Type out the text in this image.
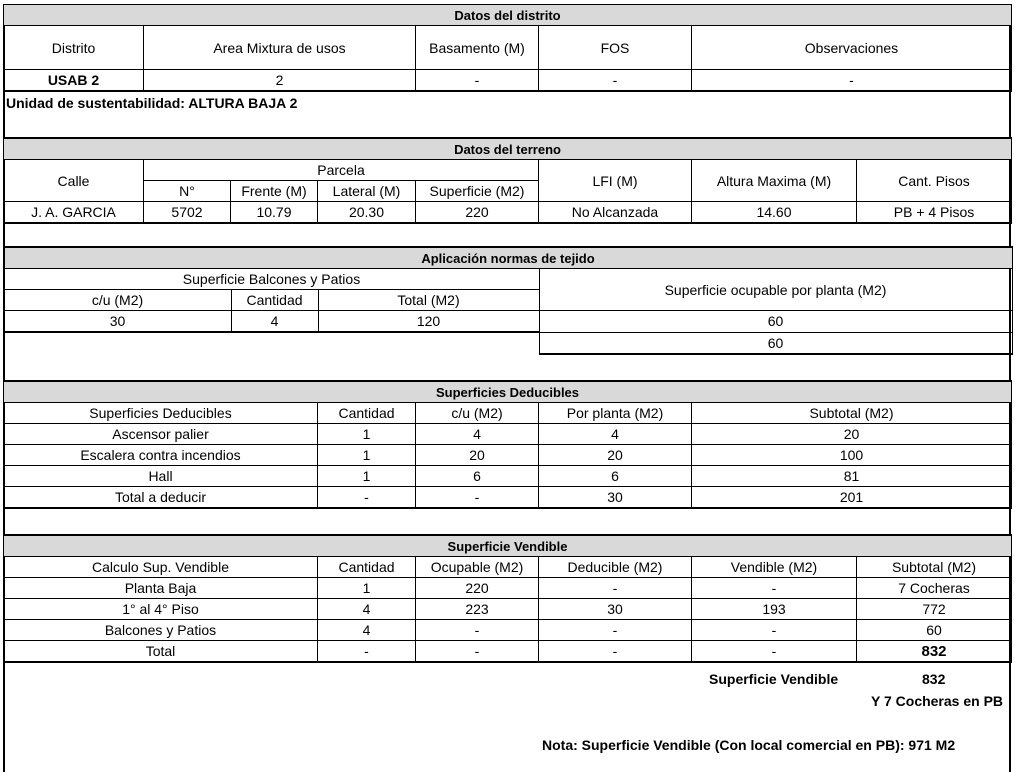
Datos del distrito				
Distrito	Area Mixtura de usos	Basamento (M)	FOS	Observaciones
USAB 2	2	-	-	-
Unidad de sustentabilidad: ALTURA BAJA 2
Datos del terreno							
Calle	Parcela				LFI (M)	Altura Maxima (M)	Cant. Pisos
	N°	Frente (M)	Lateral (M)	Superficie (M2)			
J. A. GARCIA	5702	10.79	20.30	220	No Alcanzada	14.60	PB + 4 Pisos
Aplicación normas de tejido			
Superficie Balcones y Patios			Superficie ocupable por planta (M2)
c/u (M2)	Cantidad	Total (M2)	
30	4	120	60
			60
Superficies Deducibles				
Superficies Deducibles	Cantidad	c/u (M2)	Por planta (M2)	Subtotal (M2)
Ascensor palier	1	4	4	20
Escalera contra incendios	1	20	20	100
Hall	1	6	6	81
Total a deducir	-	-	30	201
Superficie Vendible					
Calculo Sup. Vendible	Cantidad	Ocupable (M2)	Deducible (M2)	Vendible (M2)	Subtotal (M2)
Planta Baja	1	220	-	-	7 Cocheras
1° al 4° Piso	4	223	30	193	772
Balcones y Patios	4	-	-	-	60
Total	-	-	-	-	832
Superficie Vendible	832
Y 7 Cocheras en PB
Nota: Superficie Vendible (Con local comercial en PB): 971 M2
